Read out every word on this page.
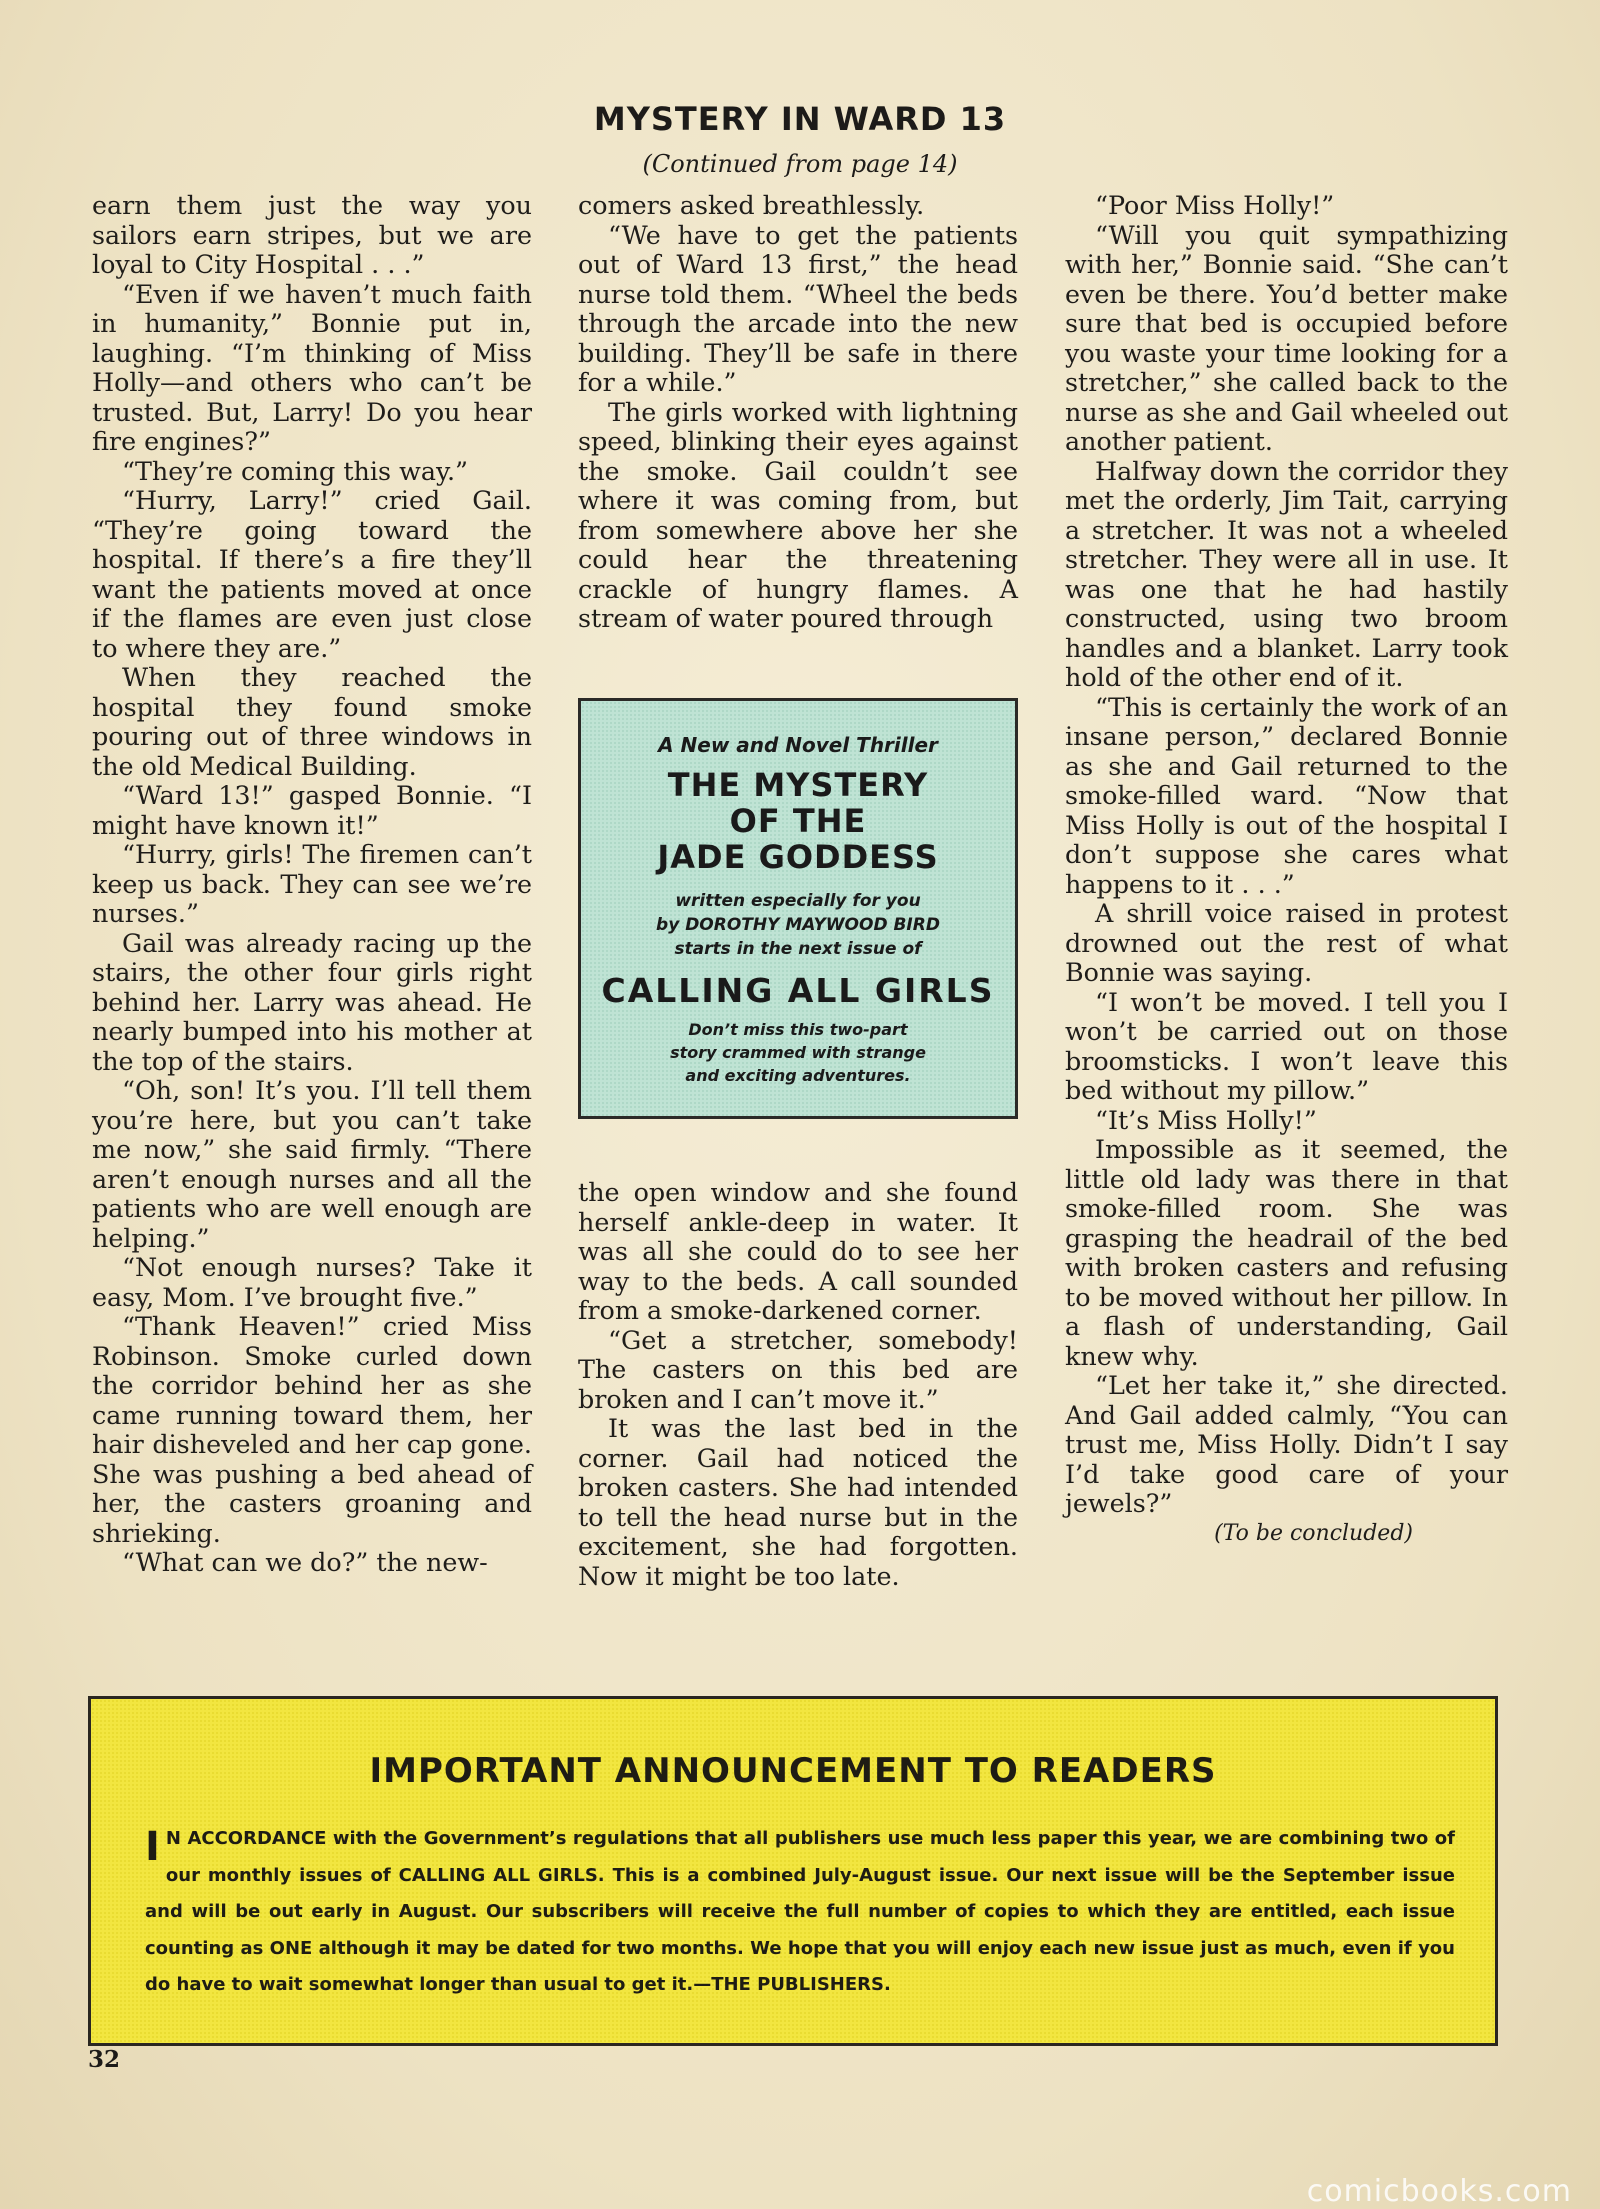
MYSTERY IN WARD 13
(Continued from page 14)

earn them just the way you sailors earn stripes, but we are loyal to City Hospital . . .”

“Even if we haven’t much faith in humanity,” Bonnie put in, laughing. “I’m thinking of Miss Holly—and others who can’t be trusted. But, Larry! Do you hear fire engines?”

“They’re coming this way.”

“Hurry, Larry!” cried Gail. “They’re going toward the hospital. If there’s a fire they’ll want the patients moved at once if the flames are even just close to where they are.”

When they reached the hospital they found smoke pouring out of three windows in the old Medical Building.

“Ward 13!” gasped Bonnie. “I might have known it!”

“Hurry, girls! The firemen can’t keep us back. They can see we’re nurses.”

Gail was already racing up the stairs, the other four girls right behind her. Larry was ahead. He nearly bumped into his mother at the top of the stairs.

“Oh, son! It’s you. I’ll tell them you’re here, but you can’t take me now,” she said firmly. “There aren’t enough nurses and all the patients who are well enough are helping.”

“Not enough nurses? Take it easy, Mom. I’ve brought five.”

“Thank Heaven!” cried Miss Robinson. Smoke curled down the corridor behind her as she came running toward them, her hair disheveled and her cap gone. She was pushing a bed ahead of her, the casters groaning and shrieking.

“What can we do?” the new-

comers asked breathlessly.

“We have to get the patients out of Ward 13 first,” the head nurse told them. “Wheel the beds through the arcade into the new building. They’ll be safe in there for a while.”

The girls worked with lightning speed, blinking their eyes against the smoke. Gail couldn’t see where it was coming from, but from somewhere above her she could hear the threatening crackle of hungry flames. A stream of water poured through

A New and Novel Thriller
THE MYSTERY
OF THE
JADE GODDESS
written especially for you
by DOROTHY MAYWOOD BIRD
starts in the next issue of
CALLING ALL GIRLS
Don’t miss this two-part
story crammed with strange
and exciting adventures.

the open window and she found herself ankle-deep in water. It was all she could do to see her way to the beds. A call sounded from a smoke-darkened corner.

“Get a stretcher, somebody! The casters on this bed are broken and I can’t move it.”

It was the last bed in the corner. Gail had noticed the broken casters. She had intended to tell the head nurse but in the excitement, she had forgotten. Now it might be too late.

“Poor Miss Holly!”

“Will you quit sympathizing with her,” Bonnie said. “She can’t even be there. You’d better make sure that bed is occupied before you waste your time looking for a stretcher,” she called back to the nurse as she and Gail wheeled out another patient.

Halfway down the corridor they met the orderly, Jim Tait, carrying a stretcher. It was not a wheeled stretcher. They were all in use. It was one that he had hastily constructed, using two broom handles and a blanket. Larry took hold of the other end of it.

“This is certainly the work of an insane person,” declared Bonnie as she and Gail returned to the smoke-filled ward. “Now that Miss Holly is out of the hospital I don’t suppose she cares what happens to it . . .”

A shrill voice raised in protest drowned out the rest of what Bonnie was saying.

“I won’t be moved. I tell you I won’t be carried out on those broomsticks. I won’t leave this bed without my pillow.”

“It’s Miss Holly!”

Impossible as it seemed, the little old lady was there in that smoke-filled room. She was grasping the headrail of the bed with broken casters and refusing to be moved without her pillow. In a flash of understanding, Gail knew why.

“Let her take it,” she directed. And Gail added calmly, “You can trust me, Miss Holly. Didn’t I say I’d take good care of your jewels?”

(To be concluded)

IMPORTANT ANNOUNCEMENT TO READERS
I N ACCORDANCE with the Government’s regulations that all publishers use much less paper this year, we are combining two of our monthly issues of CALLING ALL GIRLS. This is a combined July-August issue. Our next issue will be the September issue and will be out early in August. Our subscribers will receive the full number of copies to which they are entitled, each issue counting as ONE although it may be dated for two months. We hope that you will enjoy each new issue just as much, even if you do have to wait somewhat longer than usual to get it.—THE PUBLISHERS.
32
comicbooks.com
